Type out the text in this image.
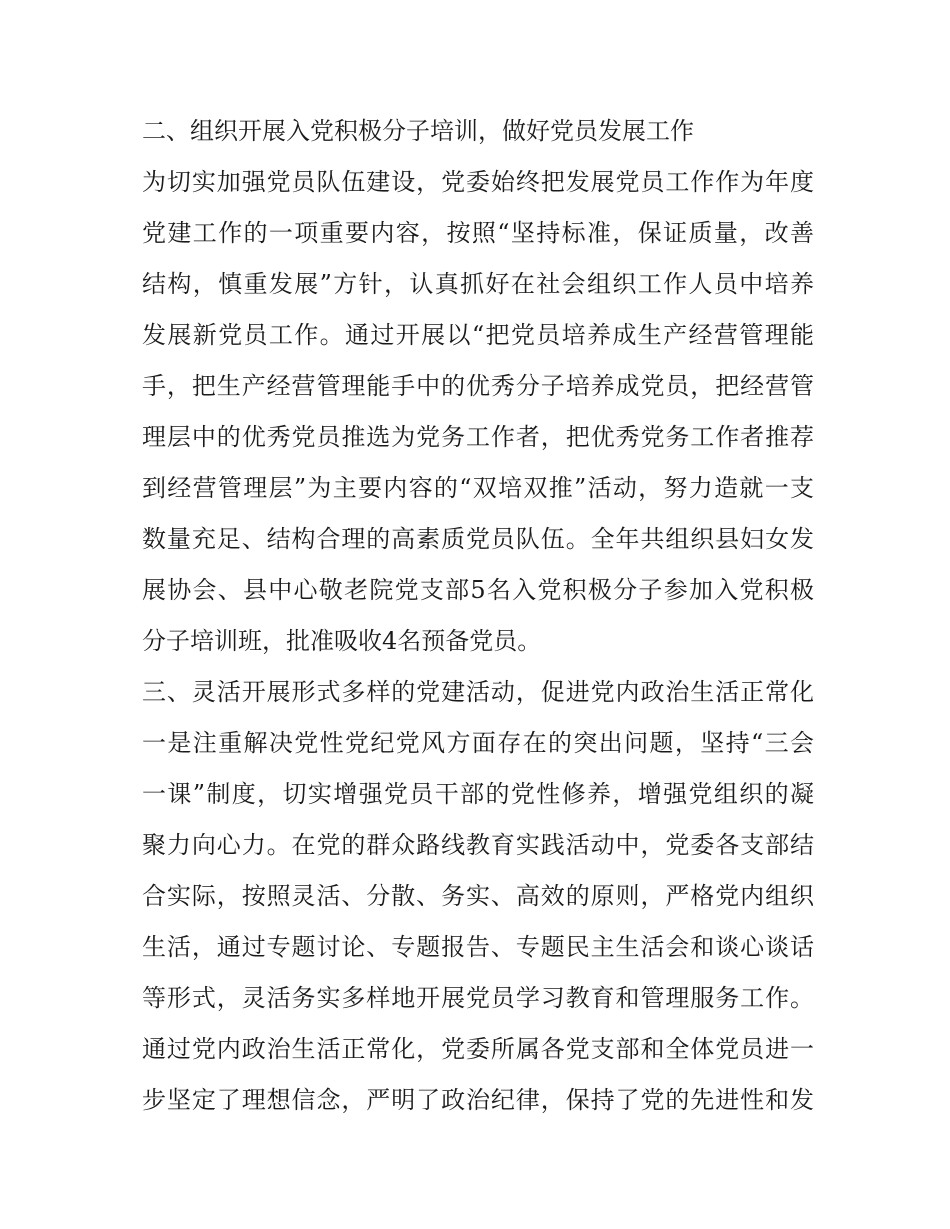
二、组织开展入党积极分子培训，做好党员发展工作
为切实加强党员队伍建设，党委始终把发展党员工作作为年度
党建工作的一项重要内容，按照“坚持标准，保证质量，改善
结构，慎重发展”方针，认真抓好在社会组织工作人员中培养
发展新党员工作。通过开展以“把党员培养成生产经营管理能
手，把生产经营管理能手中的优秀分子培养成党员，把经营管
理层中的优秀党员推选为党务工作者，把优秀党务工作者推荐
到经营管理层”为主要内容的“双培双推”活动，努力造就一支
数量充足、结构合理的高素质党员队伍。全年共组织县妇女发
展协会、县中心敬老院党支部5名入党积极分子参加入党积极
分子培训班，批准吸收4名预备党员。
三、灵活开展形式多样的党建活动，促进党内政治生活正常化
一是注重解决党性党纪党风方面存在的突出问题，坚持“三会
一课”制度，切实增强党员干部的党性修养，增强党组织的凝
聚力向心力。在党的群众路线教育实践活动中，党委各支部结
合实际，按照灵活、分散、务实、高效的原则，严格党内组织
生活，通过专题讨论、专题报告、专题民主生活会和谈心谈话
等形式，灵活务实多样地开展党员学习教育和管理服务工作。
通过党内政治生活正常化，党委所属各党支部和全体党员进一
步坚定了理想信念，严明了政治纪律，保持了党的先进性和发
